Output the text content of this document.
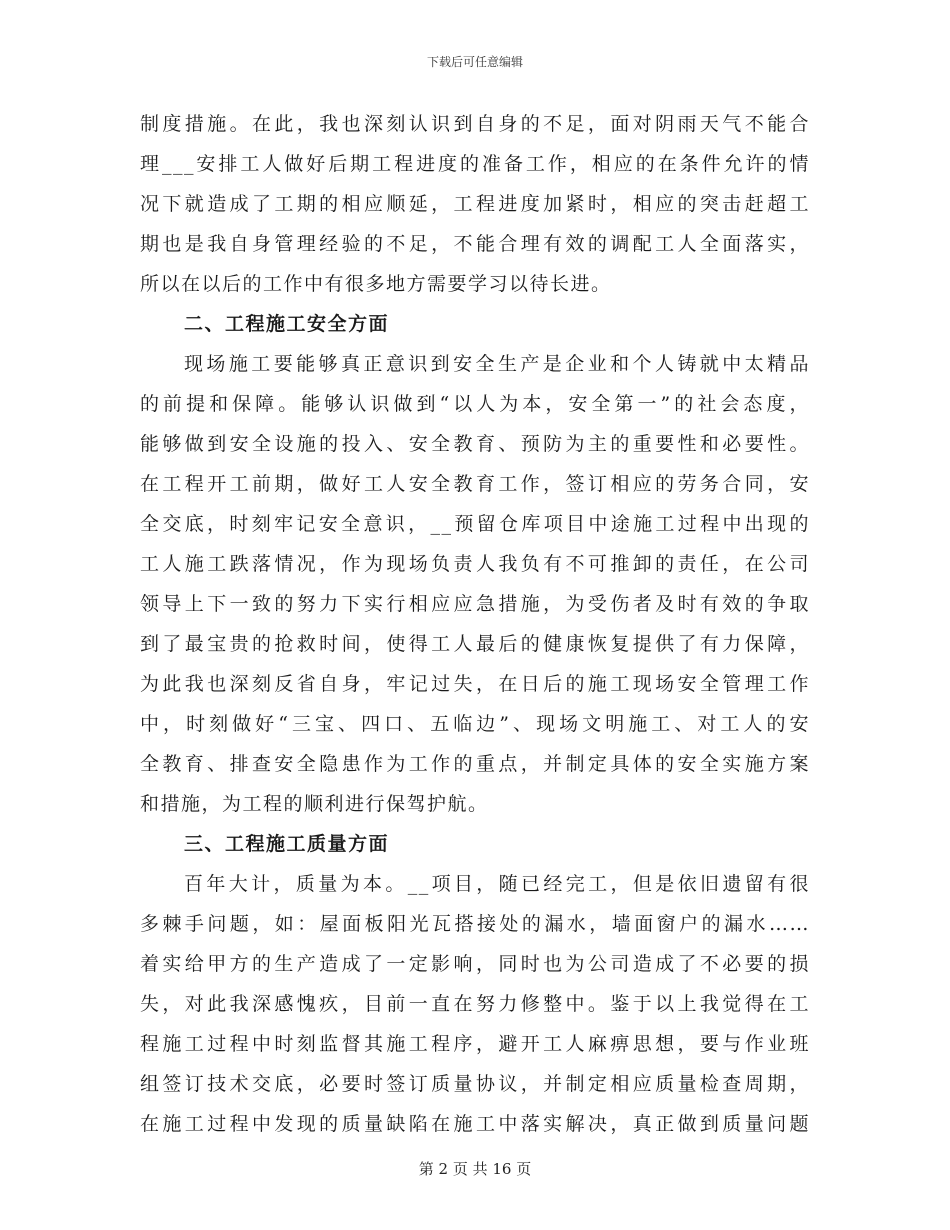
下载后可任意编辑

制度措施。在此，我也深刻认识到自身的不足，面对阴雨天气不能合

理___安排工人做好后期工程进度的准备工作，相应的在条件允许的情

况下就造成了工期的相应顺延，工程进度加紧时，相应的突击赶超工

期也是我自身管理经验的不足，不能合理有效的调配工人全面落实，

所以在以后的工作中有很多地方需要学习以待长进。

二、工程施工安全方面

现场施工要能够真正意识到安全生产是企业和个人铸就中太精品

的前提和保障。能够认识做到“以人为本，安全第一”的社会态度，

能够做到安全设施的投入、安全教育、预防为主的重要性和必要性。

在工程开工前期，做好工人安全教育工作，签订相应的劳务合同，安

全交底，时刻牢记安全意识，__预留仓库项目中途施工过程中出现的

工人施工跌落情况，作为现场负责人我负有不可推卸的责任，在公司

领导上下一致的努力下实行相应应急措施，为受伤者及时有效的争取

到了最宝贵的抢救时间，使得工人最后的健康恢复提供了有力保障，

为此我也深刻反省自身，牢记过失，在日后的施工现场安全管理工作

中，时刻做好“三宝、四口、五临边”、现场文明施工、对工人的安

全教育、排查安全隐患作为工作的重点，并制定具体的安全实施方案

和措施，为工程的顺利进行保驾护航。

三、工程施工质量方面

百年大计，质量为本。__项目，随已经完工，但是依旧遗留有很

多棘手问题，如：屋面板阳光瓦搭接处的漏水，墙面窗户的漏水……

着实给甲方的生产造成了一定影响，同时也为公司造成了不必要的损

失，对此我深感愧疚，目前一直在努力修整中。鉴于以上我觉得在工

程施工过程中时刻监督其施工程序，避开工人麻痹思想，要与作业班

组签订技术交底，必要时签订质量协议，并制定相应质量检查周期，

在施工过程中发现的质量缺陷在施工中落实解决，真正做到质量问题

第 2 页 共 16 页
